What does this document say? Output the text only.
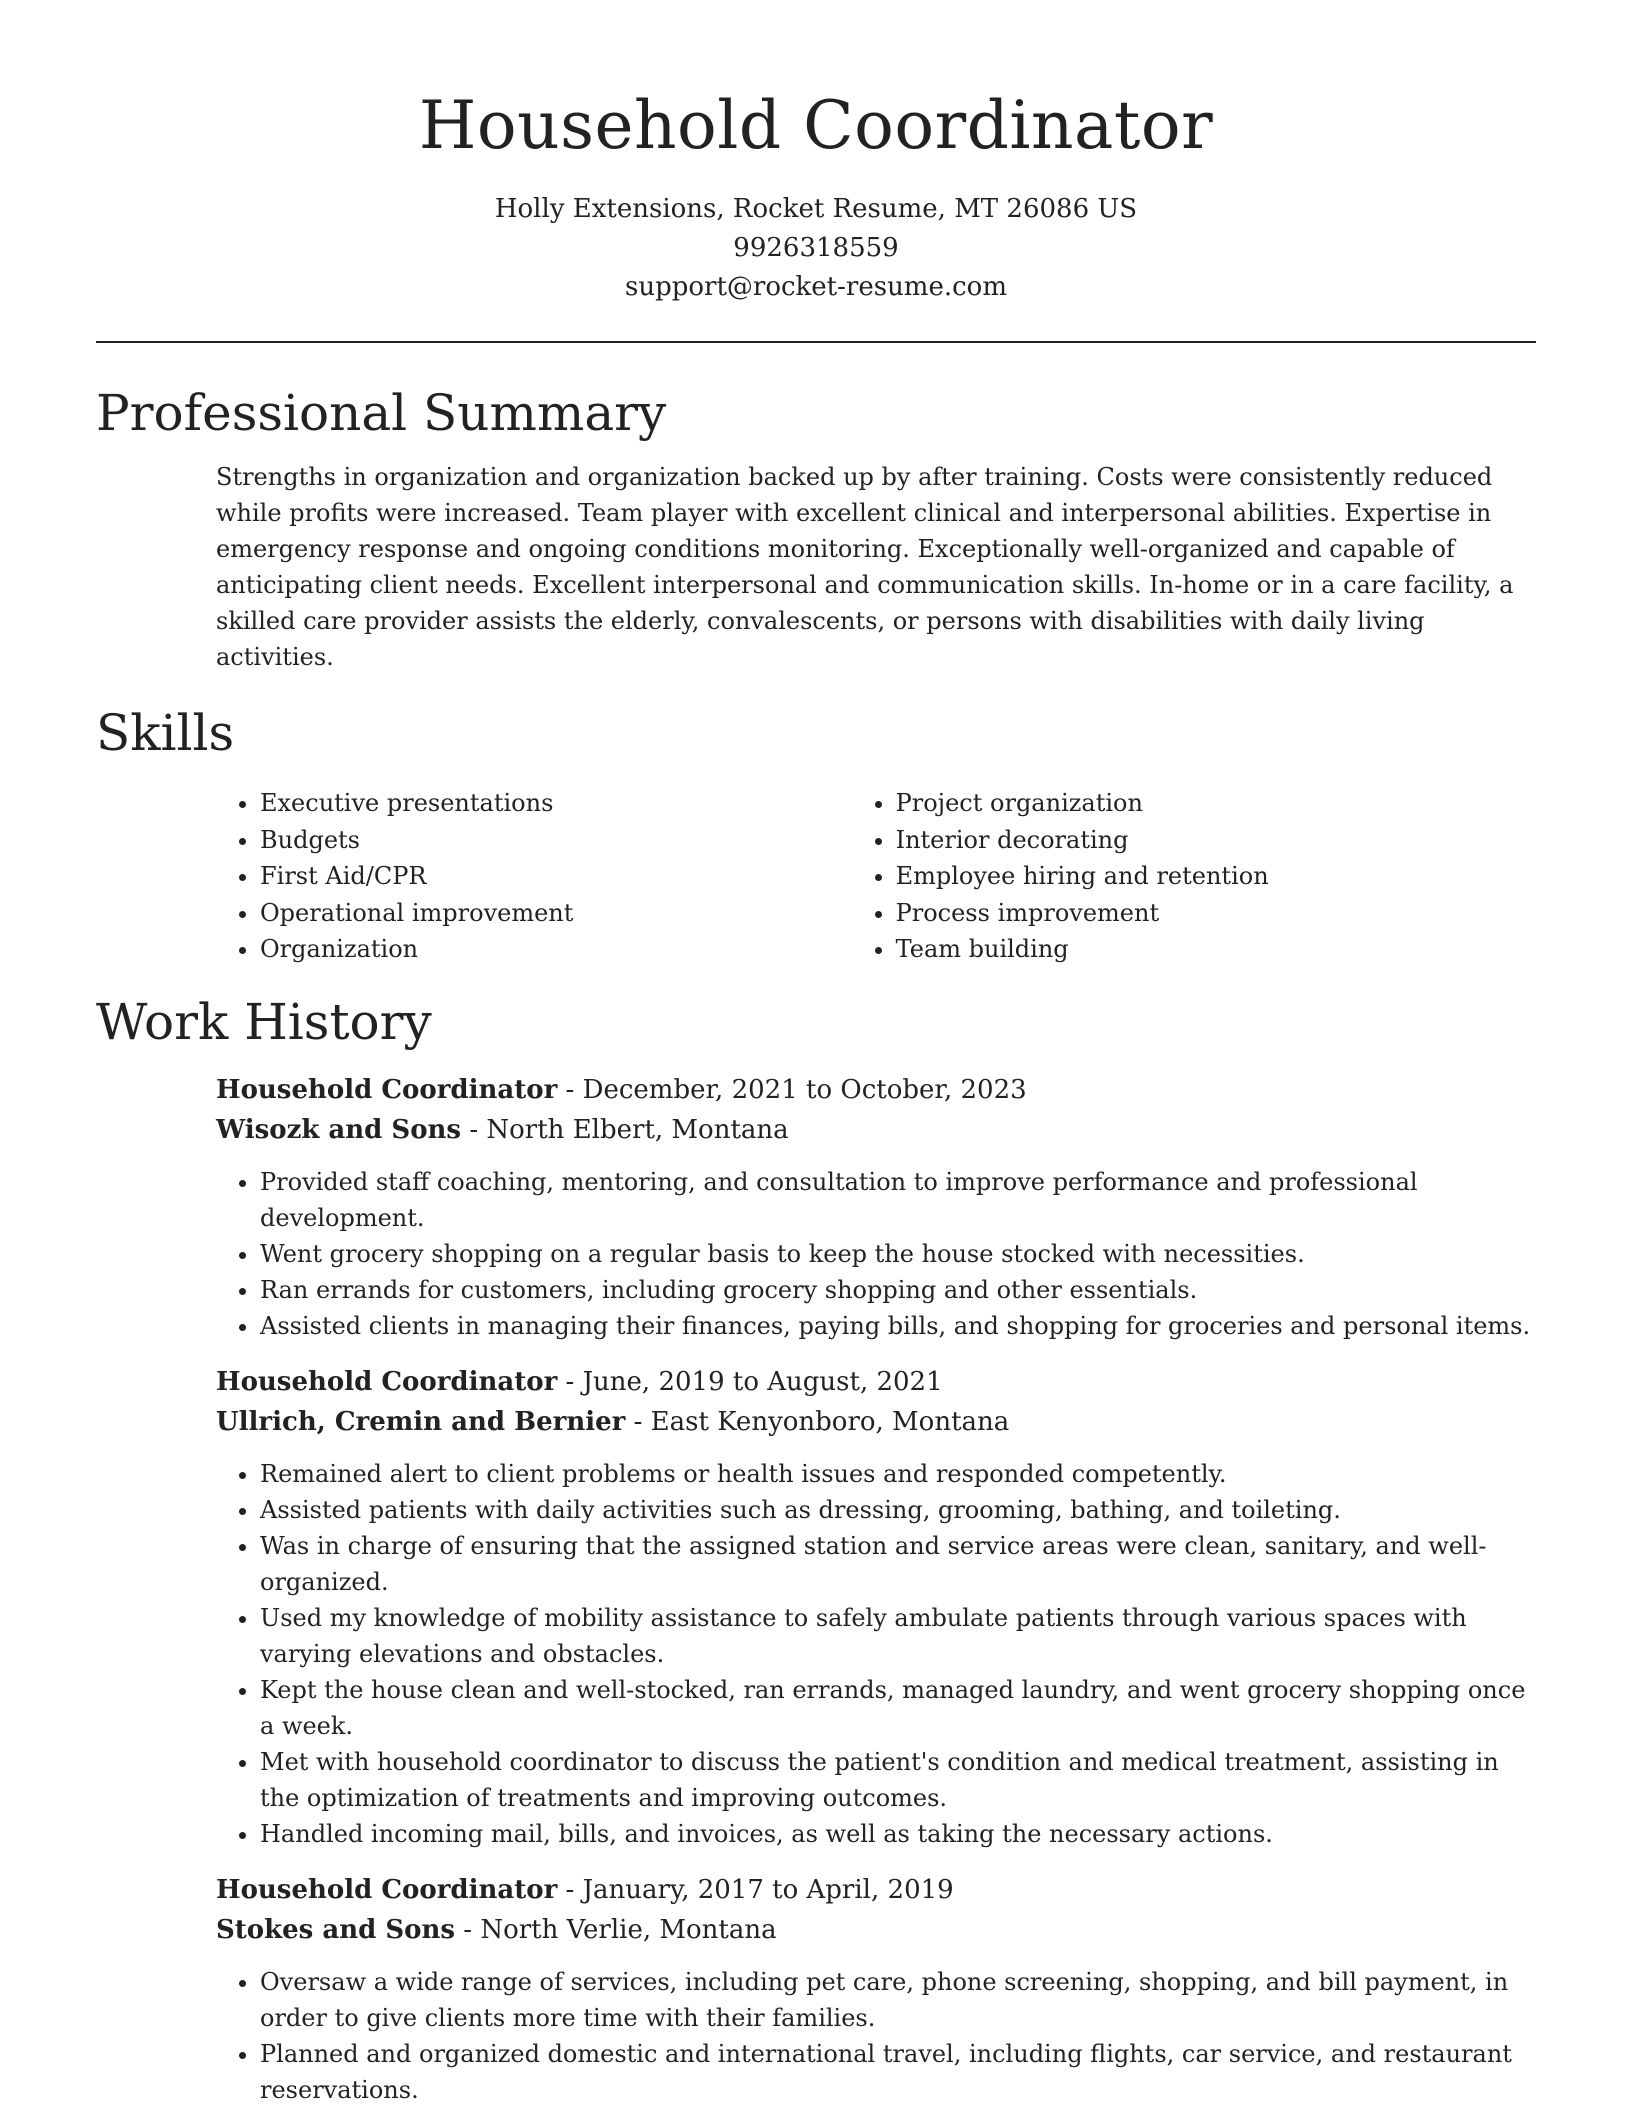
Household Coordinator
Holly Extensions, Rocket Resume, MT 26086 US
9926318559
support@rocket-resume.com
Professional Summary

Strengths in organization and organization backed up by after training. Costs were consistently reduced while profits were increased. Team player with excellent clinical and interpersonal abilities. Expertise in emergency response and ongoing conditions monitoring. Exceptionally well-organized and capable of anticipating client needs. Excellent interpersonal and communication skills. In-home or in a care facility, a skilled care provider assists the elderly, convalescents, or persons with disabilities with daily living activities.

Skills
• Executive presentations
• Budgets
• First Aid/CPR
• Operational improvement
• Organization
• Project organization
• Interior decorating
• Employee hiring and retention
• Process improvement
• Team building
Work History
Household Coordinator - December, 2021 to October, 2023
Wisozk and Sons - North Elbert, Montana
• Provided staff coaching, mentoring, and consultation to improve performance and professional development.
• Went grocery shopping on a regular basis to keep the house stocked with necessities.
• Ran errands for customers, including grocery shopping and other essentials.
• Assisted clients in managing their finances, paying bills, and shopping for groceries and personal items.
Household Coordinator - June, 2019 to August, 2021
Ullrich, Cremin and Bernier - East Kenyonboro, Montana
• Remained alert to client problems or health issues and responded competently.
• Assisted patients with daily activities such as dressing, grooming, bathing, and toileting.
• Was in charge of ensuring that the assigned station and service areas were clean, sanitary, and well-organized.
• Used my knowledge of mobility assistance to safely ambulate patients through various spaces with varying elevations and obstacles.
• Kept the house clean and well-stocked, ran errands, managed laundry, and went grocery shopping once a week.
• Met with household coordinator to discuss the patient's condition and medical treatment, assisting in the optimization of treatments and improving outcomes.
• Handled incoming mail, bills, and invoices, as well as taking the necessary actions.
Household Coordinator - January, 2017 to April, 2019
Stokes and Sons - North Verlie, Montana
• Oversaw a wide range of services, including pet care, phone screening, shopping, and bill payment, in order to give clients more time with their families.
• Planned and organized domestic and international travel, including flights, car service, and restaurant reservations.
